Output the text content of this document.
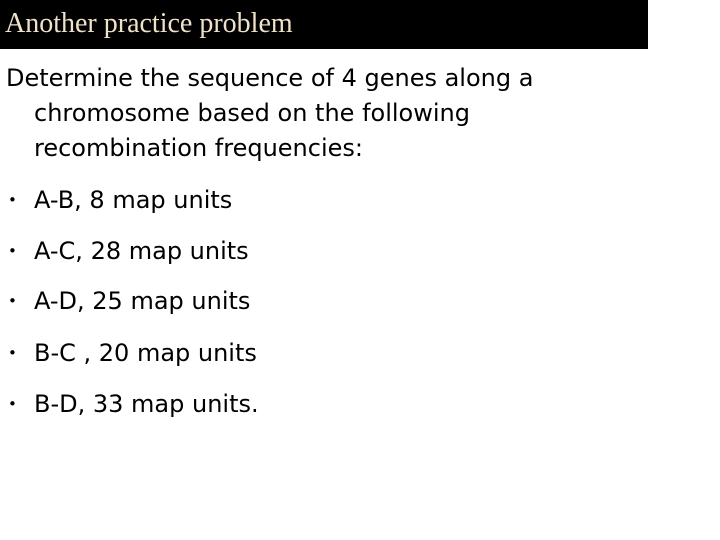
Another practice problem
Determine the sequence of 4 genes along a
chromosome based on the following
recombination frequencies:
• A-B, 8 map units
• A-C, 28 map units
• A-D, 25 map units
• B-C , 20 map units
• B-D, 33 map units.
